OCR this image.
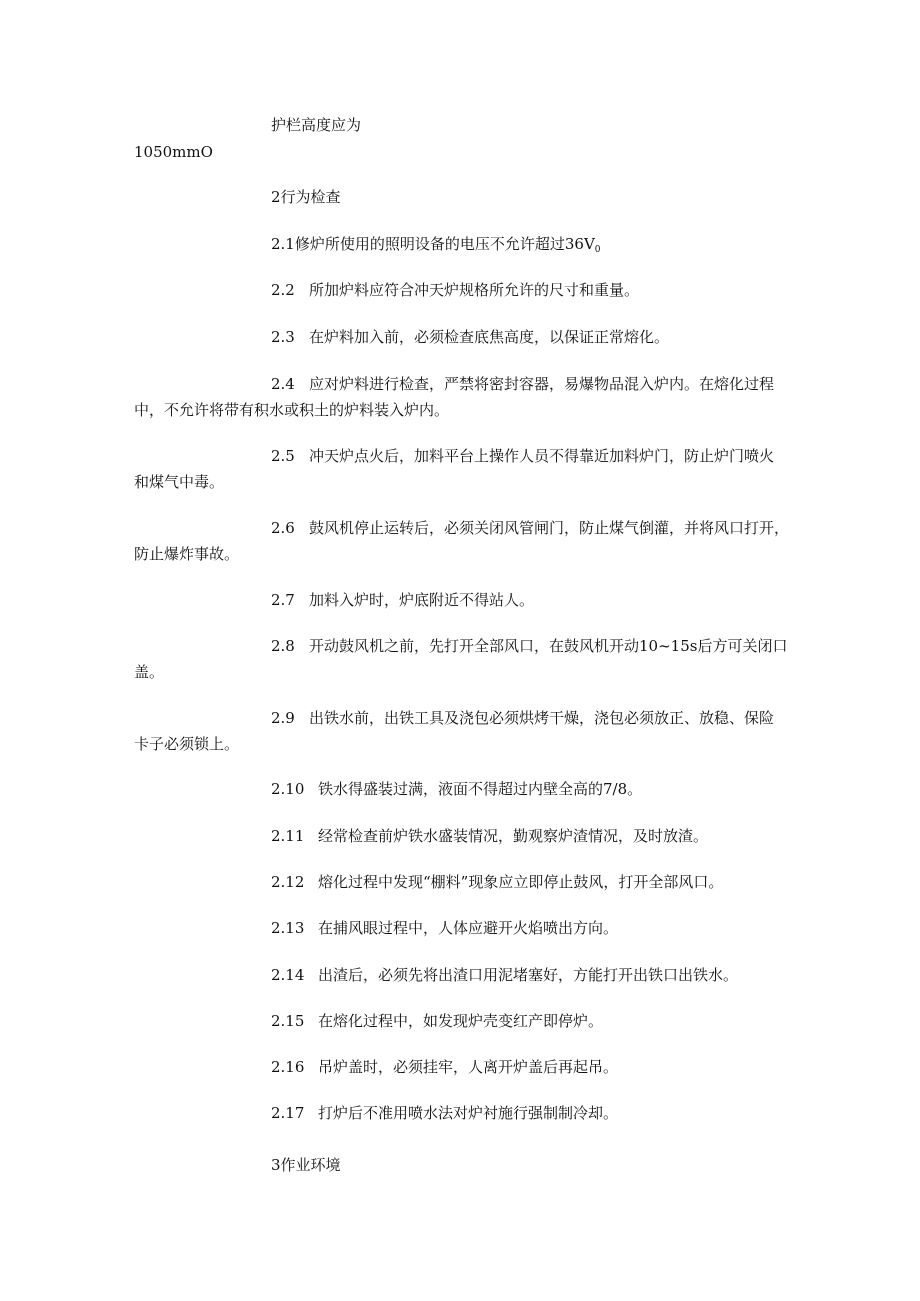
护栏高度应为
1050mmO
2行为检查
2.1修炉所使用的照明设备的电压不允许超过$36V_0$
2.2 所加炉料应符合冲天炉规格所允许的尺寸和重量。
2.3 在炉料加入前，必须检查底焦高度，以保证正常熔化。
2.4 应对炉料进行检查，严禁将密封容器，易爆物品混入炉内。在熔化过程
中，不允许将带有积水或积土的炉料装入炉内。
2.5 冲天炉点火后，加料平台上操作人员不得靠近加料炉门，防止炉门喷火
和煤气中毒。
2.6 鼓风机停止运转后，必须关闭风管闸门，防止煤气倒灌，并将风口打开，
防止爆炸事故。
2.7 加料入炉时，炉底附近不得站人。
2.8 开动鼓风机之前，先打开全部风口，在鼓风机开动10~15s后方可关闭口
盖。
2.9 出铁水前，出铁工具及浇包必须烘烤干燥，浇包必须放正、放稳、保险
卡子必须锁上。
2.10 铁水得盛装过满，液面不得超过内壁全高的7/8。
2.11 经常检查前炉铁水盛装情况，勤观察炉渣情况，及时放渣。
2.12 熔化过程中发现“棚料”现象应立即停止鼓风，打开全部风口。
2.13 在捕风眼过程中，人体应避开火焰喷出方向。
2.14 出渣后，必须先将出渣口用泥堵塞好，方能打开出铁口出铁水。
2.15 在熔化过程中，如发现炉壳变红产即停炉。
2.16 吊炉盖时，必须挂牢，人离开炉盖后再起吊。
2.17 打炉后不准用喷水法对炉衬施行强制制冷却。
3作业环境
